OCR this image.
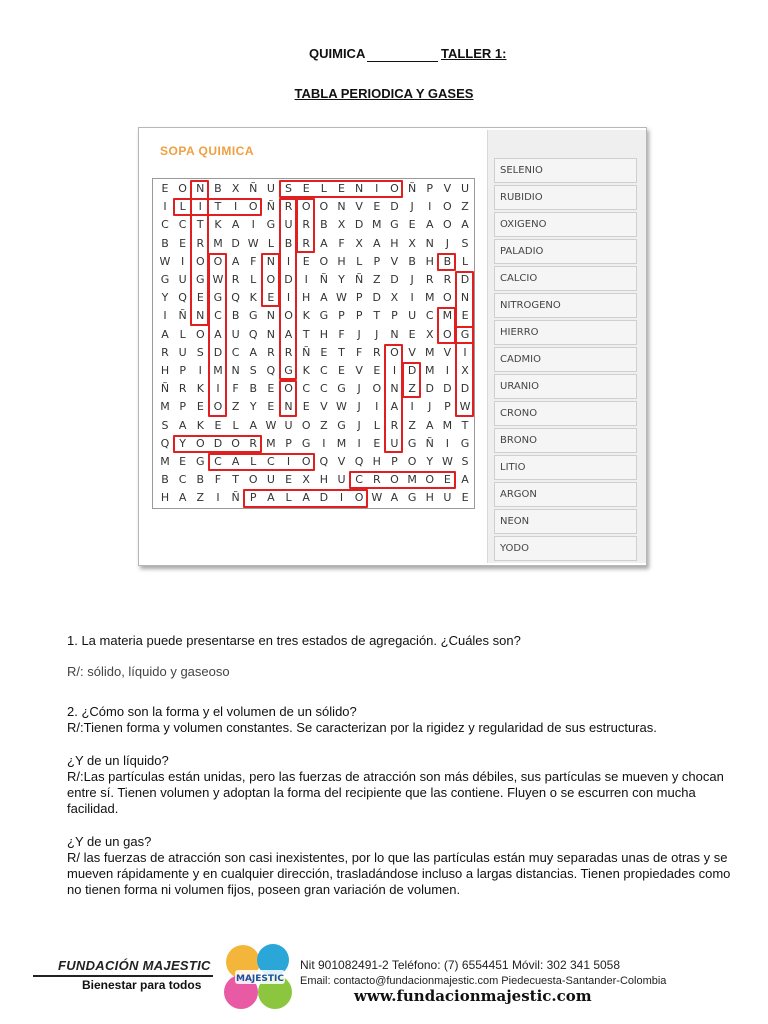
QUIMICA	TALLER 1:
TABLA PERIODICA Y GASES
SOPA QUIMICA
E O N B X Ñ U S E	L	E N	I	O Ñ P V U
I	L	I	T	I	O Ñ R O O N V E D	J	I	O Z
C C T K A	I	G U R B X D M G E A O A
B E R M D W L B R A F X A H X N	J	S
W I	O O A F N	I	E O H L	P V B H B L
G U G W R L O D	I	Ñ Y Ñ Z D	J	R R D
Y Q E G Q K E	I	H A W P D X	I	M O N
I	Ñ N C B G N O K G P	P T P U C M E
A L O A U Q N A T H F	J	J	N E X O G
R U S D C A R R Ñ E T	F R O V M V	I
H P	I	M N S Q G K C E V E	I	D M	I	X
Ñ R K	I	F B E O C C G	J	O N Z D D D
M P E O Z Y E N E V W J	I	A	I	J	P W
S A K E	L A W U O Z G	J	L R Z A M T
Q Y O D O R M P G	I	M	I	E U G Ñ	I	G
M E G C A L C	I	O Q V Q H P O Y W S
B C B F	T O U E X H U C R O M O E A
H A Z	I	Ñ P A L A D	I	O W A G H U E
SELENIO
RUBIDIO
OXIGENO
PALADIO
CALCIO
NITROGENO
HIERRO
CADMIO
URANIO
CRONO
BRONO
LITIO
ARGON
NEON
YODO
1. La materia puede presentarse en tres estados de agregación. ¿Cuáles son?
R/: sólido, líquido y gaseoso
2. ¿Cómo son la forma y el volumen de un sólido?
R/:Tienen forma y volumen constantes. Se caracterizan por la rigidez y regularidad de sus estructuras.
¿Y de un líquido?
R/:Las partículas están unidas, pero las fuerzas de atracción son más débiles, sus partículas se mueven y chocan entre sí. Tienen volumen y adoptan la forma del recipiente que las contiene. Fluyen o se escurren con mucha facilidad.
¿Y de un gas?
R/ las fuerzas de atracción son casi inexistentes, por lo que las partículas están muy separadas unas de otras y se mueven rápidamente y en cualquier dirección, trasladándose incluso a largas distancias. Tienen propiedades como no tienen forma ni volumen fijos, poseen gran variación de volumen.
FUNDACIÓN MAJESTIC
Bienestar para todos	MAJESTIC
Nit 901082491-2 Teléfono: (7) 6554451 Móvil: 302 341 5058
Email: contacto@fundacionmajestic.com Piedecuesta-Santander-Colombia
www.fundacionmajestic.com
